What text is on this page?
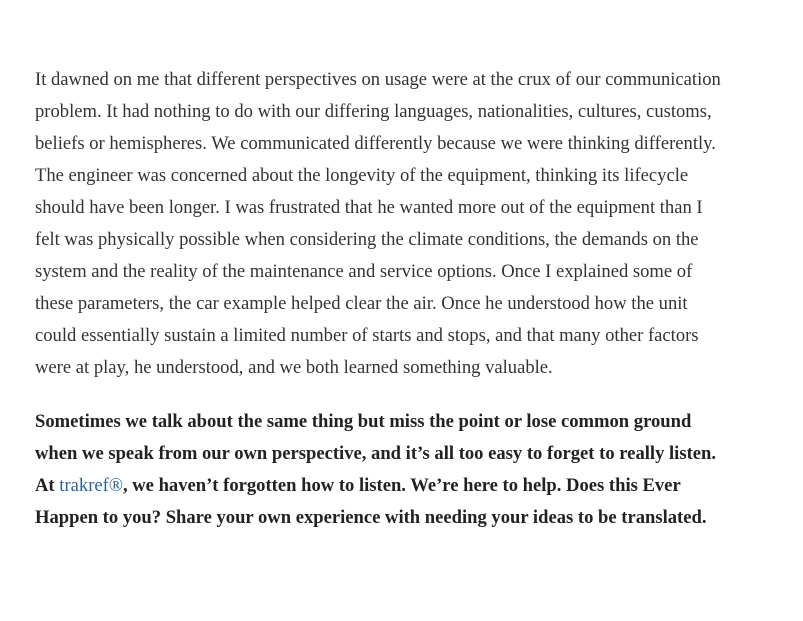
It dawned on me that different perspectives on usage were at the crux of our communication
problem. It had nothing to do with our differing languages, nationalities, cultures, customs,
beliefs or hemispheres. We communicated differently because we were thinking differently.
The engineer was concerned about the longevity of the equipment, thinking its lifecycle
should have been longer. I was frustrated that he wanted more out of the equipment than I
felt was physically possible when considering the climate conditions, the demands on the
system and the reality of the maintenance and service options. Once I explained some of
these parameters, the car example helped clear the air. Once he understood how the unit
could essentially sustain a limited number of starts and stops, and that many other factors
were at play, he understood, and we both learned something valuable.

Sometimes we talk about the same thing but miss the point or lose common ground
when we speak from our own perspective, and it’s all too easy to forget to really listen.
At trakref®, we haven’t forgotten how to listen. We’re here to help. Does this Ever
Happen to you? Share your own experience with needing your ideas to be translated.
